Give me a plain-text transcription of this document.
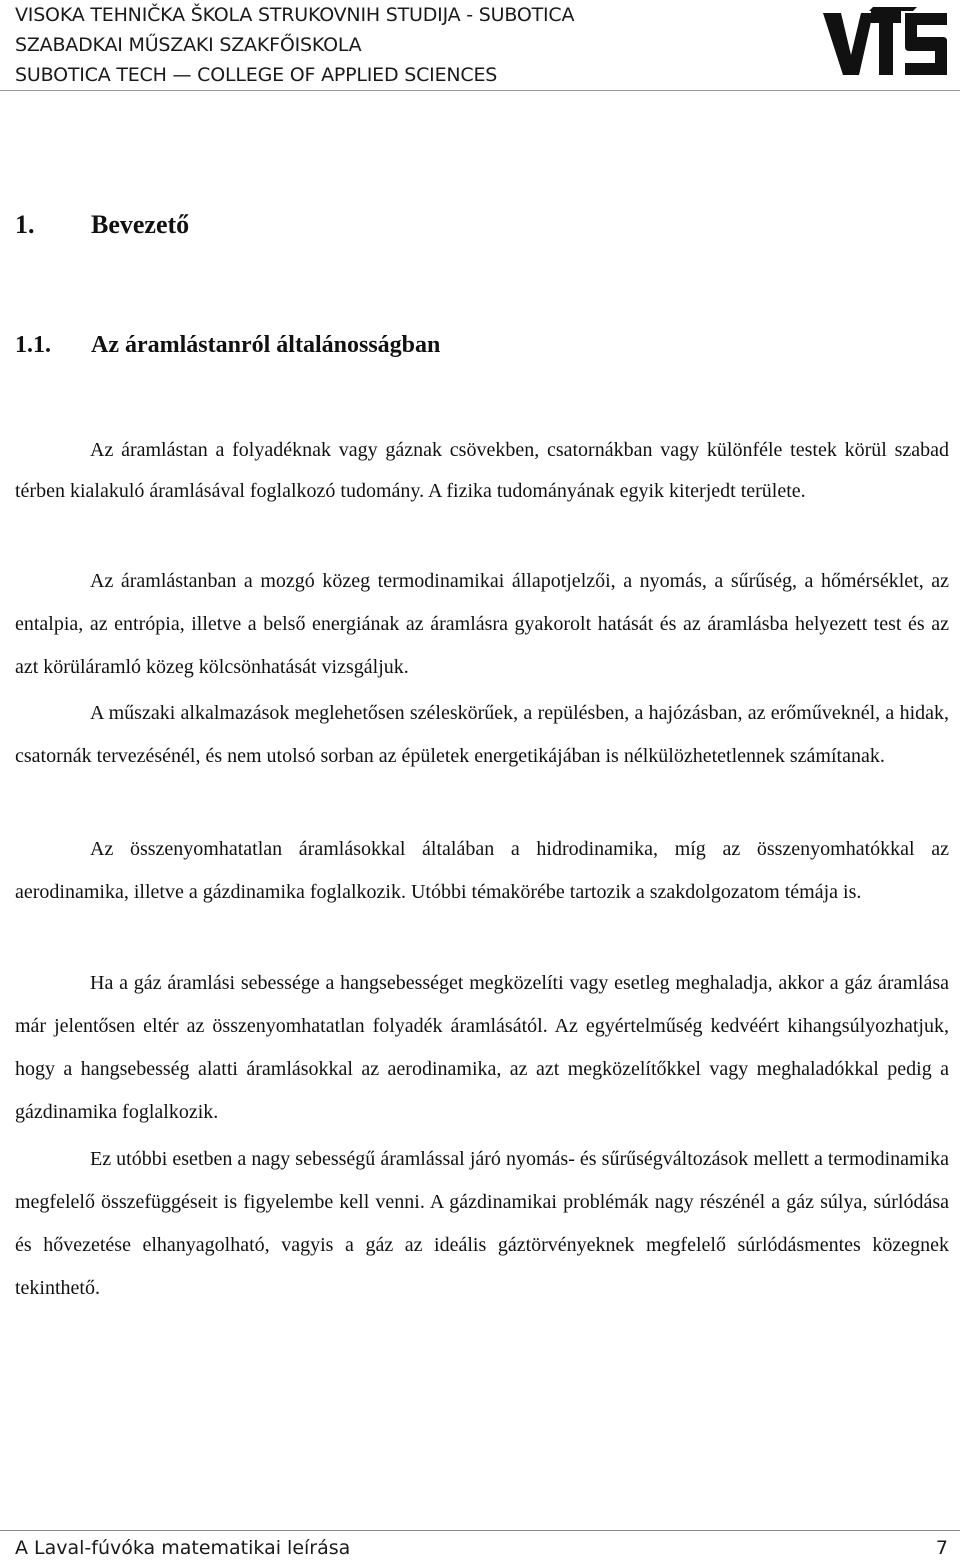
VISOKA TEHNIČKA ŠKOLA STRUKOVNIH STUDIJA - SUBOTICA
SZABADKAI MŰSZAKI SZAKFŐISKOLA
SUBOTICA TECH — COLLEGE OF APPLIED SCIENCES
1. Bevezető
1.1. Az áramlástanról általánosságban

Az áramlástan a folyadéknak vagy gáznak csövekben, csatornákban vagy különféle testek körül szabad térben kialakuló áramlásával foglalkozó tudomány. A fizika tudományának egyik kiterjedt területe.

Az áramlástanban a mozgó közeg termodinamikai állapotjelzői, a nyomás, a sűrűség, a hőmérséklet, az entalpia, az entrópia, illetve a belső energiának az áramlásra gyakorolt hatását és az áramlásba helyezett test és az azt körüláramló közeg kölcsönhatását vizsgáljuk.

A műszaki alkalmazások meglehetősen széleskörűek, a repülésben, a hajózásban, az erőműveknél, a hidak, csatornák tervezésénél, és nem utolsó sorban az épületek energetikájában is nélkülözhetetlennek számítanak.

Az összenyomhatatlan áramlásokkal általában a hidrodinamika, míg az összenyomhatókkal az aerodinamika, illetve a gázdinamika foglalkozik. Utóbbi témakörébe tartozik a szakdolgozatom témája is.

Ha a gáz áramlási sebessége a hangsebességet megközelíti vagy esetleg meghaladja, akkor a gáz áramlása már jelentősen eltér az összenyomhatatlan folyadék áramlásától. Az egyértelműség kedvéért kihangsúlyozhatjuk, hogy a hangsebesség alatti áramlásokkal az aerodinamika, az azt megközelítőkkel vagy meghaladókkal pedig a gázdinamika foglalkozik.

Ez utóbbi esetben a nagy sebességű áramlással járó nyomás- és sűrűségváltozások mellett a termodinamika megfelelő összefüggéseit is figyelembe kell venni. A gázdinamikai problémák nagy részénél a gáz súlya, súrlódása és hővezetése elhanyagolható, vagyis a gáz az ideális gáztörvényeknek megfelelő súrlódásmentes közegnek tekinthető.

A Laval-fúvóka matematikai leírása	7
